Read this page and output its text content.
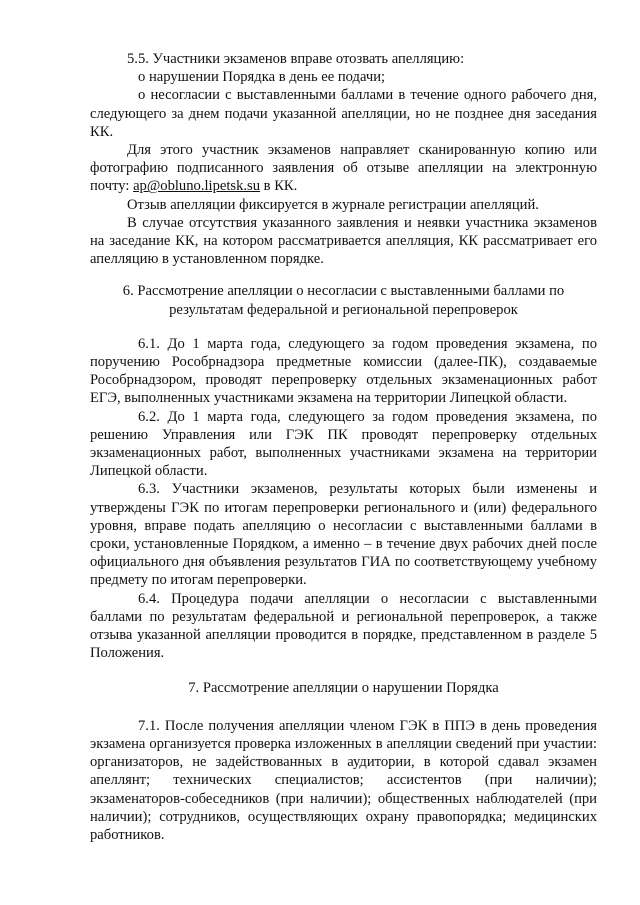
5.5. Участники экзаменов вправе отозвать апелляцию:

о нарушении Порядка в день ее подачи;

о несогласии с выставленными баллами в течение одного рабочего дня, следующего за днем подачи указанной апелляции, но не позднее дня заседания КК.

Для этого участник экзаменов направляет сканированную копию или фотографию подписанного заявления об отзыве апелляции на электронную почту: ap@obluno.lipetsk.su в КК.

Отзыв апелляции фиксируется в журнале регистрации апелляций.

В случае отсутствия указанного заявления и неявки участника экзаменов на заседание КК, на котором рассматривается апелляция, КК рассматривает его апелляцию в установленном порядке.

6. Рассмотрение апелляции о несогласии с выставленными баллами по результатам федеральной и региональной перепроверок

6.1. До 1 марта года, следующего за годом проведения экзамена, по поручению Рособрнадзора предметные комиссии (далее-ПК), создаваемые Рособрнадзором, проводят перепроверку отдельных экзаменационных работ ЕГЭ, выполненных участниками экзамена на территории Липецкой области.

6.2. До 1 марта года, следующего за годом проведения экзамена, по решению Управления или ГЭК ПК проводят перепроверку отдельных экзаменационных работ, выполненных участниками экзамена на территории Липецкой области.

6.3. Участники экзаменов, результаты которых были изменены и утверждены ГЭК по итогам перепроверки регионального и (или) федерального уровня, вправе подать апелляцию о несогласии с выставленными баллами в сроки, установленные Порядком, а именно – в течение двух рабочих дней после официального дня объявления результатов ГИА по соответствующему учебному предмету по итогам перепроверки.

6.4. Процедура подачи апелляции о несогласии с выставленными баллами по результатам федеральной и региональной перепроверок, а также отзыва указанной апелляции проводится в порядке, представленном в разделе 5 Положения.

7. Рассмотрение апелляции о нарушении Порядка

7.1. После получения апелляции членом ГЭК в ППЭ в день проведения экзамена организуется проверка изложенных в апелляции сведений при участии: организаторов, не задействованных в аудитории, в которой сдавал экзамен апеллянт; технических специалистов; ассистентов (при наличии); экзаменаторов-собеседников (при наличии); общественных наблюдателей (при наличии); сотрудников, осуществляющих охрану правопорядка; медицинских работников.
